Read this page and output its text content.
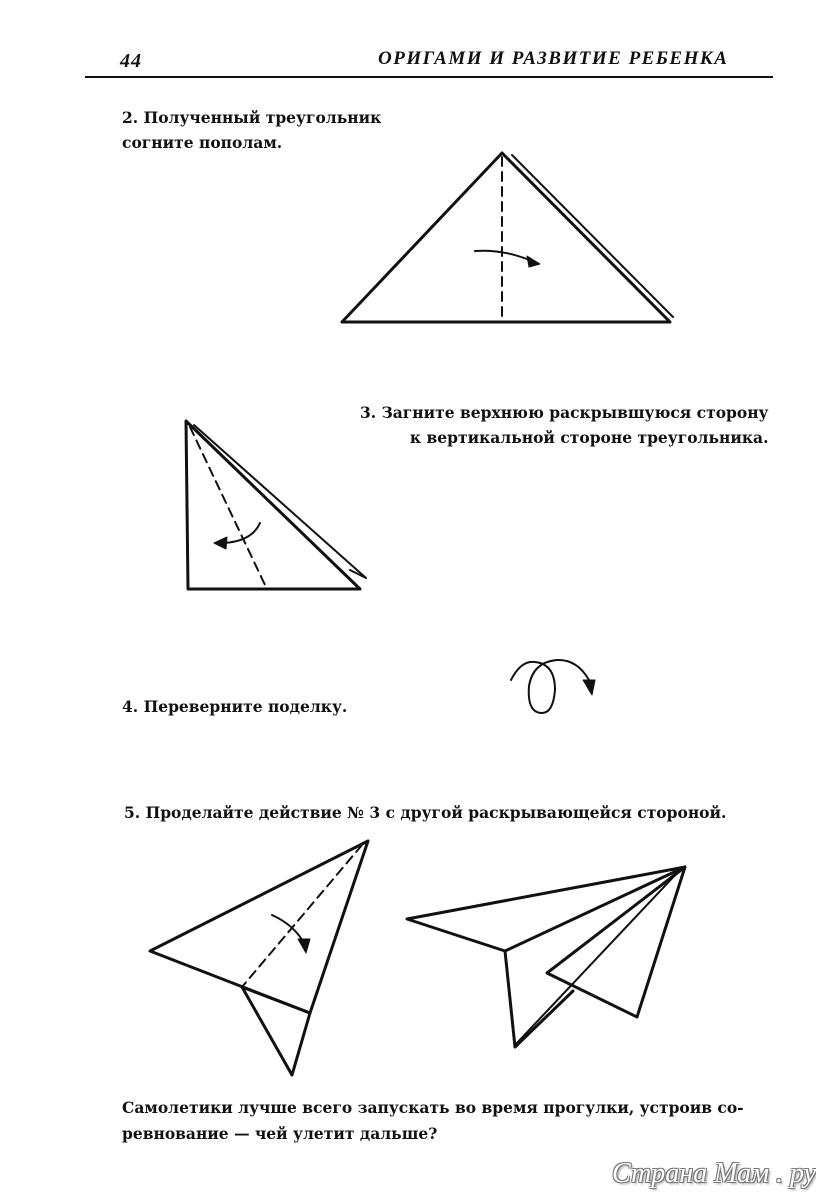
44	ОРИГАМИ И РАЗВИТИЕ РЕБЕНКА
2. Полученный треугольник
согните пополам.
3. Загните верхнюю раскрывшуюся сторону
к вертикальной стороне треугольника.
4. Переверните поделку.
5. Проделайте действие № 3 с другой раскрывающейся стороной.
Самолетики лучше всего запускать во время прогулки, устроив со-
ревнование — чей улетит дальше?
Страна Мам . ру
